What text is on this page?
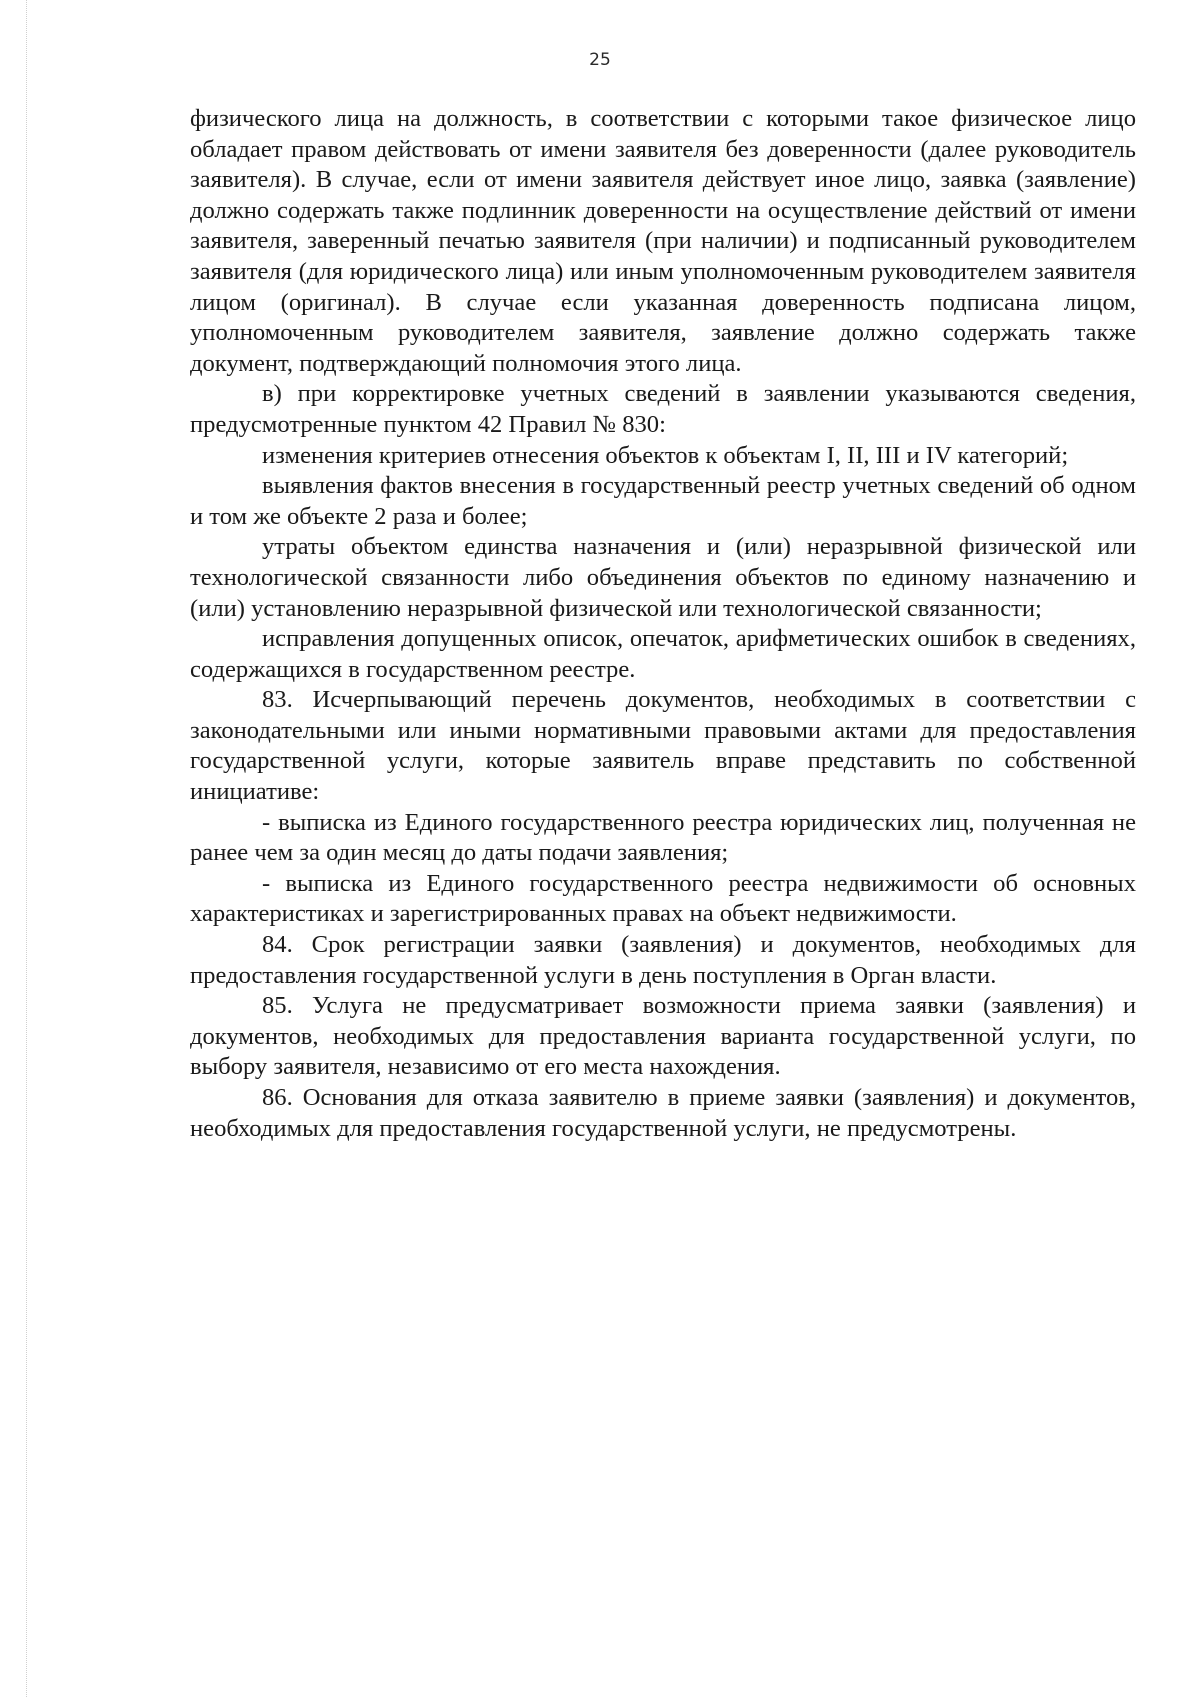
25

физического лица на должность, в соответствии с которыми такое физическое лицо обладает правом действовать от имени заявителя без доверенности (далее руководитель заявителя). В случае, если от имени заявителя действует иное лицо, заявка (заявление) должно содержать также подлинник доверенности на осуществление действий от имени заявителя, заверенный печатью заявителя (при наличии) и подписанный руководителем заявителя (для юридического лица) или иным уполномоченным руководителем заявителя лицом (оригинал). В случае если указанная доверенность подписана лицом, уполномоченным руководителем заявителя, заявление должно содержать также документ, подтверждающий полномочия этого лица.

в) при корректировке учетных сведений в заявлении указываются сведения, предусмотренные пунктом 42 Правил № 830:

изменения критериев отнесения объектов к объектам I, II, III и IV категорий;

выявления фактов внесения в государственный реестр учетных сведений об одном и том же объекте 2 раза и более;

утраты объектом единства назначения и (или) неразрывной физической или технологической связанности либо объединения объектов по единому назначению и (или) установлению неразрывной физической или технологической связанности;

исправления допущенных описок, опечаток, арифметических ошибок в сведениях, содержащихся в государственном реестре.

83. Исчерпывающий перечень документов, необходимых в соответствии с законодательными или иными нормативными правовыми актами для предоставления государственной услуги, которые заявитель вправе представить по собственной инициативе:

- выписка из Единого государственного реестра юридических лиц, полученная не ранее чем за один месяц до даты подачи заявления;

- выписка из Единого государственного реестра недвижимости об основных характеристиках и зарегистрированных правах на объект недвижимости.

84. Срок регистрации заявки (заявления) и документов, необходимых для предоставления государственной услуги в день поступления в Орган власти.

85. Услуга не предусматривает возможности приема заявки (заявления) и документов, необходимых для предоставления варианта государственной услуги, по выбору заявителя, независимо от его места нахождения.

86. Основания для отказа заявителю в приеме заявки (заявления) и документов, необходимых для предоставления государственной услуги, не предусмотрены.
